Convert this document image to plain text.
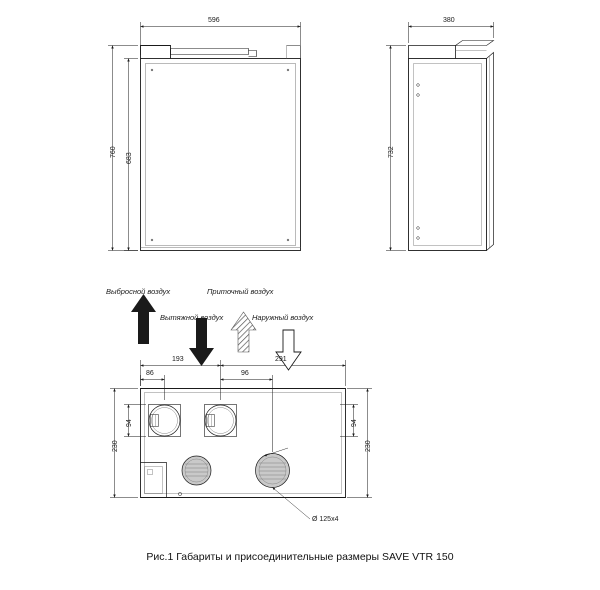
596
760
683
380
732
193	291
86	96
230
94
230
94
Ø 125x4
Выбросной воздух	Приточный воздух
Вытяжной воздух	Наружный воздух
Рис.1 Габариты и присоединительные размеры SAVE VTR 150
